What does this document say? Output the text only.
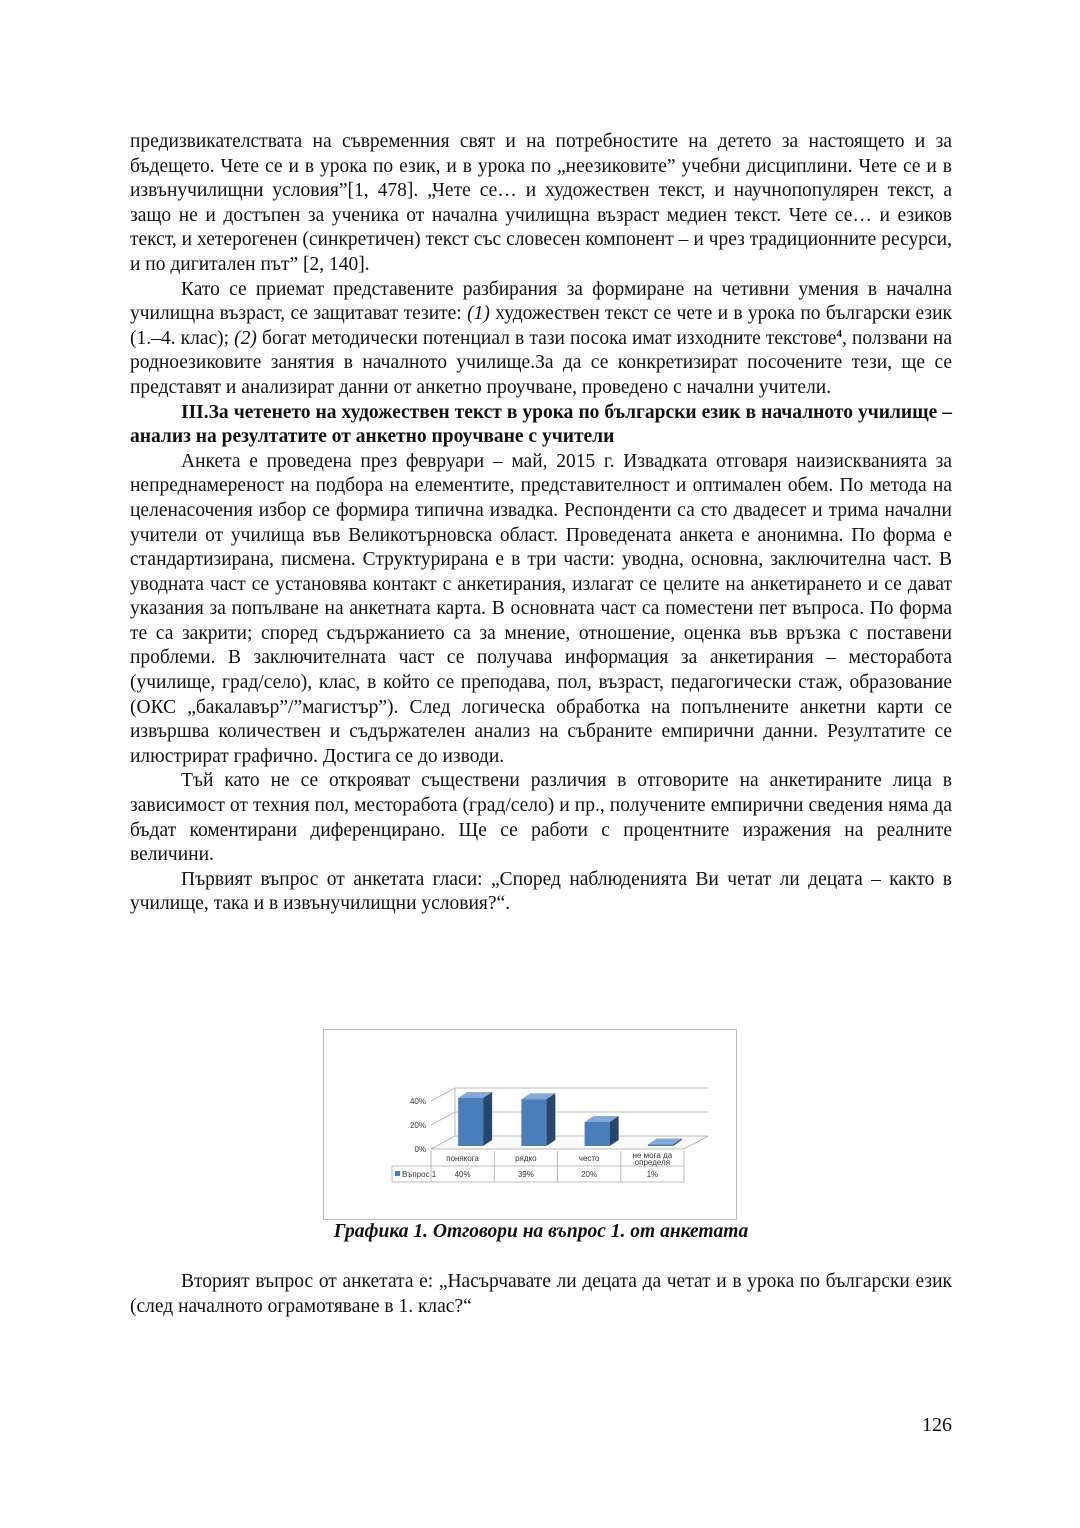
предизвикателствата на съвременния свят и на потребностите на детето за настоящето и за бъдещето. Чете се и в урока по език, и в урока по „неезиковите” учебни дисциплини. Чете се и в извънучилищни условия”[1, 478]. „Чете се… и художествен текст, и научнопопулярен текст, а защо не и достъпен за ученика от начална училищна възраст медиен текст. Чете се… и езиков текст, и хетерогенен (синкретичен) текст със словесен компонент – и чрез традиционните ресурси, и по дигитален път” [2, 140].

Като се приемат представените разбирания за формиране на четивни умения в начална училищна възраст, се защитават тезите: (1) художествен текст се чете и в урока по български език (1.–4. клас); (2) богат методически потенциал в тази посока имат изходните текстове$^4$, ползвани на родноезиковите занятия в началното училище.За да се конкретизират посочените тези, ще се представят и анализират данни от анкетно проучване, проведено с начални учители.

ІІІ.За четенето на художествен текст в урока по български език в началното училище – анализ на резултатите от анкетно проучване с учители

Анкета е проведена през февруари – май, 2015 г. Извадката отговаря наизискванията за непреднамереност на подбора на елементите, представителност и оптимален обем. По метода на целенасочения избор се формира типична извадка. Респонденти са сто двадесет и трима начални учители от училища във Великотърновска област. Проведената анкета е анонимна. По форма е стандартизирана, писмена. Структурирана е в три части: уводна, основна, заключителна част. В уводната част се установява контакт с анкетирания, излагат се целите на анкетирането и се дават указания за попълване на анкетната карта. В основната част са поместени пет въпроса. По форма те са закрити; според съдържанието са за мнение, отношение, оценка във връзка с поставени проблеми. В заключителната част се получава информация за анкетирания – месторабота (училище, град/село), клас, в който се преподава, пол, възраст, педагогически стаж, образование (ОКС „бакалавър”/”магистър”). След логическа обработка на попълнените анкетни карти се извършва количествен и съдържателен анализ на събраните емпирични данни. Резултатите се илюстрират графично. Достига се до изводи.

Тъй като не се открояват съществени различия в отговорите на анкетираните лица в зависимост от техния пол, месторабота (град/село) и пр., получените емпирични сведения няма да бъдат коментирани диференцирано. Ще се работи с процентните изражения на реалните величини.

Първият въпрос от анкетата гласи: „Според наблюденията Ви четат ли децата – както в училище, така и в извънучилищни условия?“.

0%
20%
40%
понякога
40%
рядко
39%
често
20%
не мога да
определя
1%
Въпрос 1
Графика 1. Отговори на въпрос 1. от анкетата

Вторият въпрос от анкетата е: „Насърчавате ли децата да четат и в урока по български език (след началното ограмотяване в 1. клас?“

126
